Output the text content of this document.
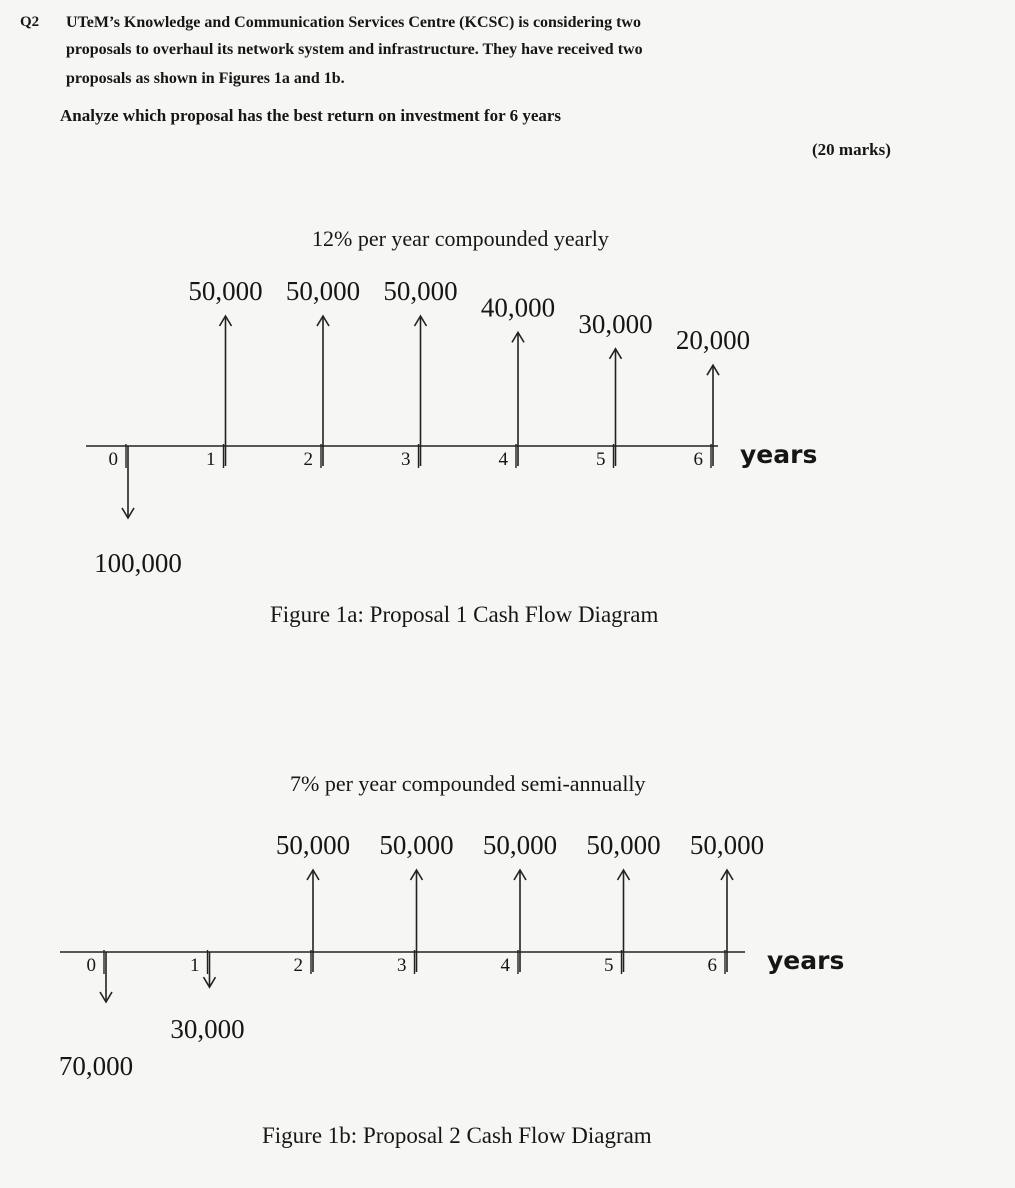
Q2 UTeM’s Knowledge and Communication Services Centre (KCSC) is considering two
proposals to overhaul its network system and infrastructure. They have received two
proposals as shown in Figures 1a and 1b.
Analyze which proposal has the best return on investment for 6 years
(20 marks)
12% per year compounded yearly
0	1	2	3	4	5	6 years
100,000
50,000 50,000 50,000
40,000
30,000
20,000
Figure 1a: Proposal 1 Cash Flow Diagram
7% per year compounded semi-annually
0	1	2	3	4	5	6 years
70,000
30,000
50,000 50,000 50,000 50,000 50,000
Figure 1b: Proposal 2 Cash Flow Diagram
